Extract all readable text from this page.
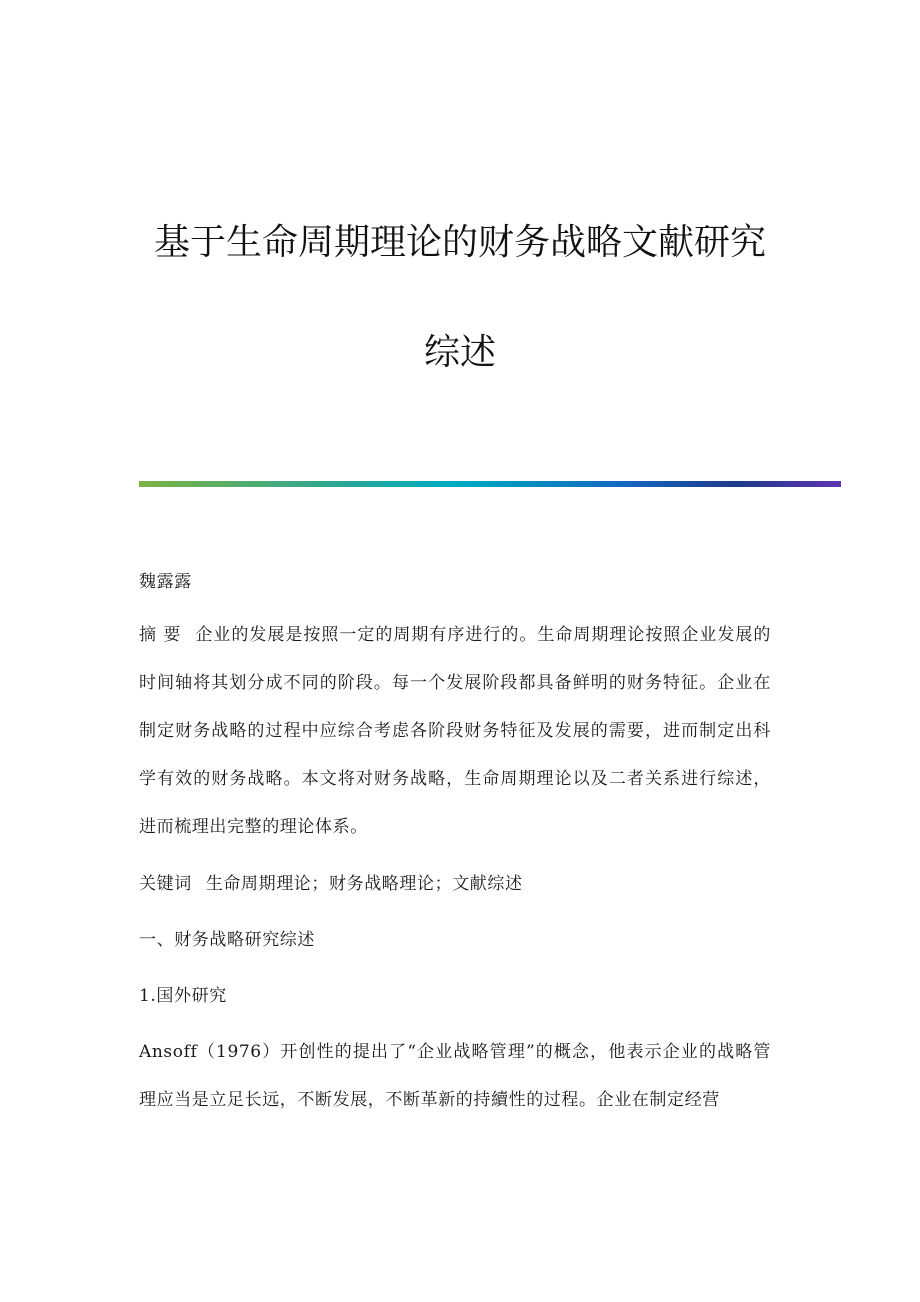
基于生命周期理论的财务战略文献研究
综述
魏露露
摘 要 企业的发展是按照一定的周期有序进行的。生命周期理论按照企业发展的时间轴将其划分成不同的阶段。每一个发展阶段都具备鲜明的财务特征。企业在制定财务战略的过程中应综合考虑各阶段财务特征及发展的需要，进而制定出科学有效的财务战略。本文将对财务战略，生命周期理论以及二者关系进行综述，进而梳理出完整的理论体系。
关键词 生命周期理论；财务战略理论；文献综述
一、财务战略研究综述
1.国外研究
Ansoff（1976）开创性的提出了“企业战略管理”的概念，他表示企业的战略管理应当是立足长远，不断发展，不断革新的持續性的过程。企业在制定经营
